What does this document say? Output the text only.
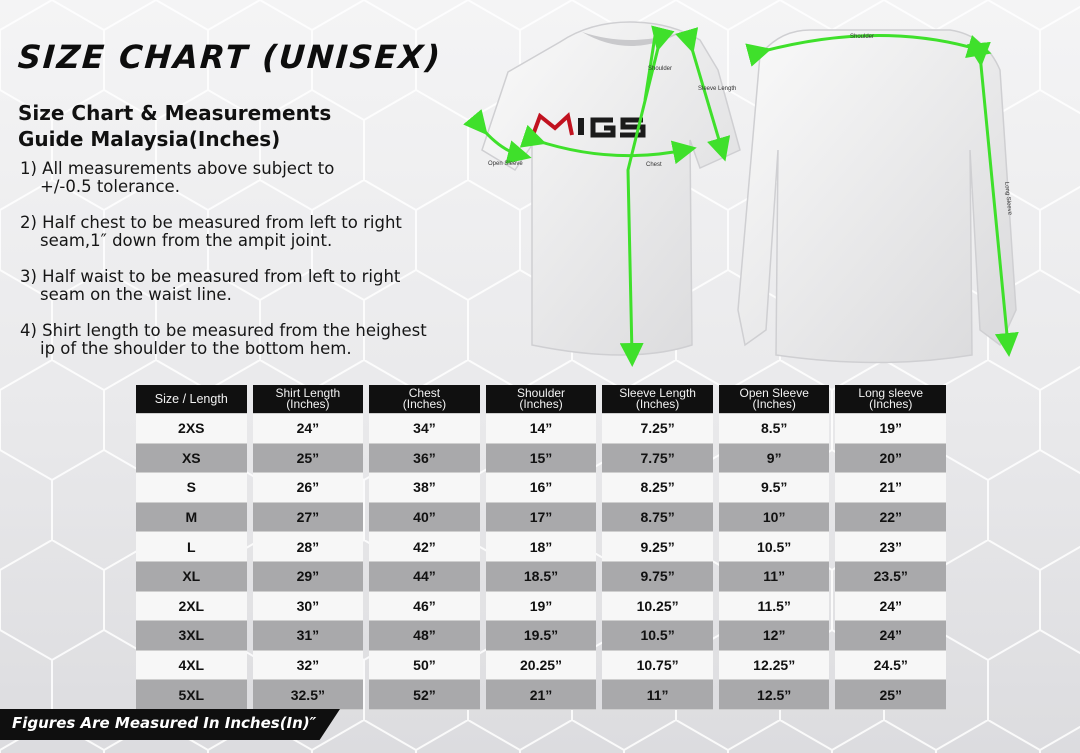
SIZE CHART (UNISEX)
Size Chart & Measurements
Guide Malaysia(Inches)
1) All measurements above subject to
+/-0.5 tolerance.
2) Half chest to be measured from left to right
seam,1″ down from the ampit joint.
3) Half waist to be measured from left to right
seam on the waist line.
4) Shirt length to be measured from the heighest
ip of the shoulder to the bottom hem.
Shoulder
Sleeve Length
Open Sleeve	Chest
Shoulder
Long Sleeve
Size / Length	Shirt Length
(Inches)
Chest
(Inches)
Shoulder
(Inches)
Sleeve Length
(Inches)
Open Sleeve
(Inches)
Long sleeve
(Inches)
2XS	24”	34”	14”	7.25”	8.5”	19”
XS	25”	36”	15”	7.75”	9”	20”
S	26”	38”	16”	8.25”	9.5”	21”
M	27”	40”	17”	8.75”	10”	22”
L	28”	42”	18”	9.25”	10.5”	23”
XL	29”	44”	18.5”	9.75”	11”	23.5”
2XL	30”	46”	19”	10.25”	11.5”	24”
3XL	31”	48”	19.5”	10.5”	12”	24”
4XL	32”	50”	20.25”	10.75”	12.25”	24.5”
5XL	32.5”	52”	21”	11”	12.5”	25”
Figures Are Measured In Inches(In)″
